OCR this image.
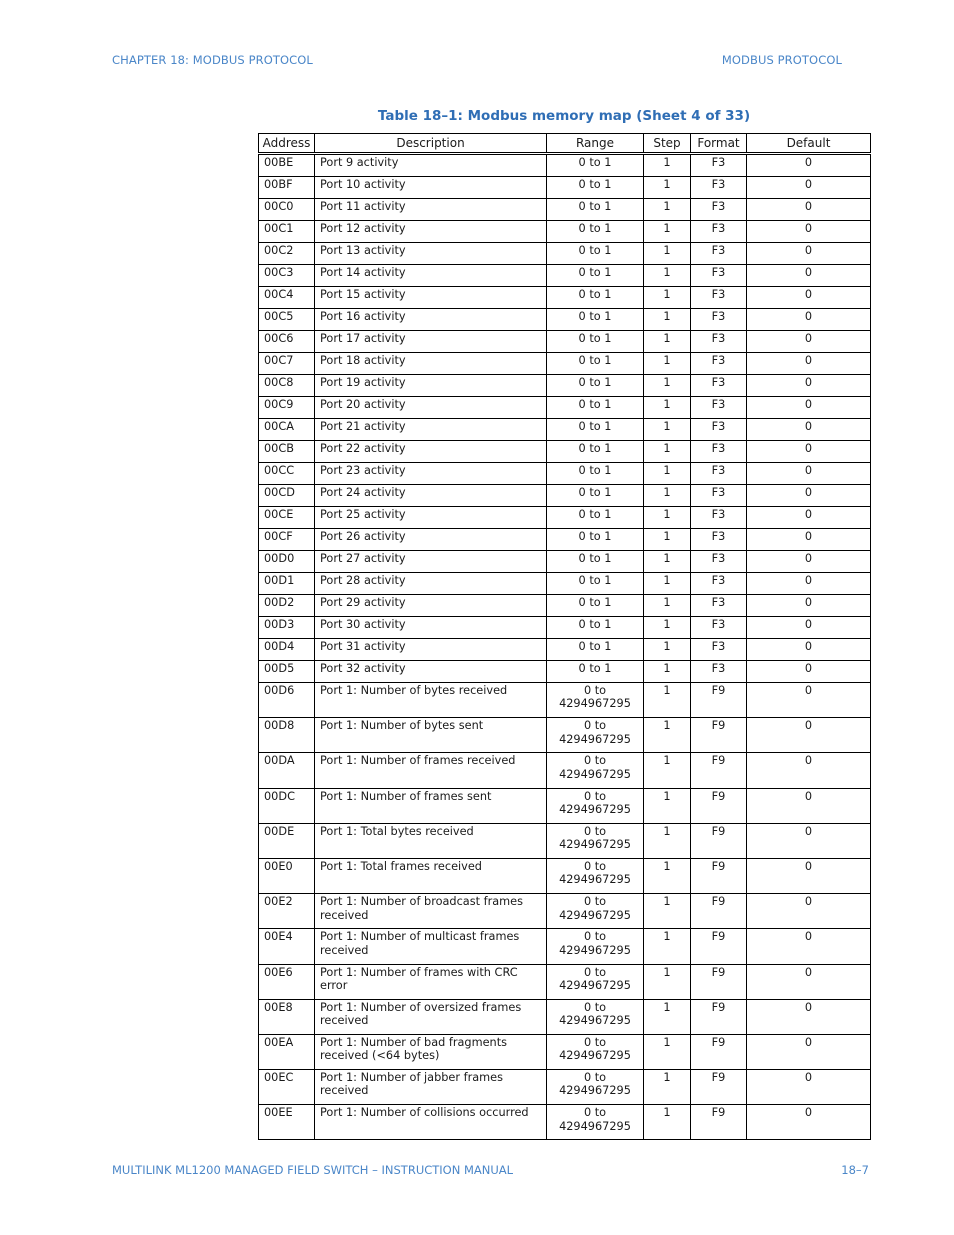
CHAPTER 18: MODBUS PROTOCOL	MODBUS PROTOCOL
Table 18–1: Modbus memory map (Sheet 4 of 33)
Address	Description	Range	Step	Format	Default
00BE	Port 9 activity	0 to 1	1	F3	0
00BF	Port 10 activity	0 to 1	1	F3	0
00C0	Port 11 activity	0 to 1	1	F3	0
00C1	Port 12 activity	0 to 1	1	F3	0
00C2	Port 13 activity	0 to 1	1	F3	0
00C3	Port 14 activity	0 to 1	1	F3	0
00C4	Port 15 activity	0 to 1	1	F3	0
00C5	Port 16 activity	0 to 1	1	F3	0
00C6	Port 17 activity	0 to 1	1	F3	0
00C7	Port 18 activity	0 to 1	1	F3	0
00C8	Port 19 activity	0 to 1	1	F3	0
00C9	Port 20 activity	0 to 1	1	F3	0
00CA	Port 21 activity	0 to 1	1	F3	0
00CB	Port 22 activity	0 to 1	1	F3	0
00CC	Port 23 activity	0 to 1	1	F3	0
00CD	Port 24 activity	0 to 1	1	F3	0
00CE	Port 25 activity	0 to 1	1	F3	0
00CF	Port 26 activity	0 to 1	1	F3	0
00D0	Port 27 activity	0 to 1	1	F3	0
00D1	Port 28 activity	0 to 1	1	F3	0
00D2	Port 29 activity	0 to 1	1	F3	0
00D3	Port 30 activity	0 to 1	1	F3	0
00D4	Port 31 activity	0 to 1	1	F3	0
00D5	Port 32 activity	0 to 1	1	F3	0
00D6	Port 1: Number of bytes received	0 to 4294967295	1	F9	0
00D8	Port 1: Number of bytes sent	0 to 4294967295	1	F9	0
00DA	Port 1: Number of frames received	0 to 4294967295	1	F9	0
00DC	Port 1: Number of frames sent	0 to 4294967295	1	F9	0
00DE	Port 1: Total bytes received	0 to 4294967295	1	F9	0
00E0	Port 1: Total frames received	0 to 4294967295	1	F9	0
00E2	Port 1: Number of broadcast frames received	0 to 4294967295	1	F9	0
00E4	Port 1: Number of multicast frames received	0 to 4294967295	1	F9	0
00E6	Port 1: Number of frames with CRC error	0 to 4294967295	1	F9	0
00E8	Port 1: Number of oversized frames received	0 to 4294967295	1	F9	0
00EA	Port 1: Number of bad fragments received (<64 bytes)	0 to 4294967295	1	F9	0
00EC	Port 1: Number of jabber frames received	0 to 4294967295	1	F9	0
00EE	Port 1: Number of collisions occurred	0 to 4294967295	1	F9	0
MULTILINK ML1200 MANAGED FIELD SWITCH – INSTRUCTION MANUAL	18–7
